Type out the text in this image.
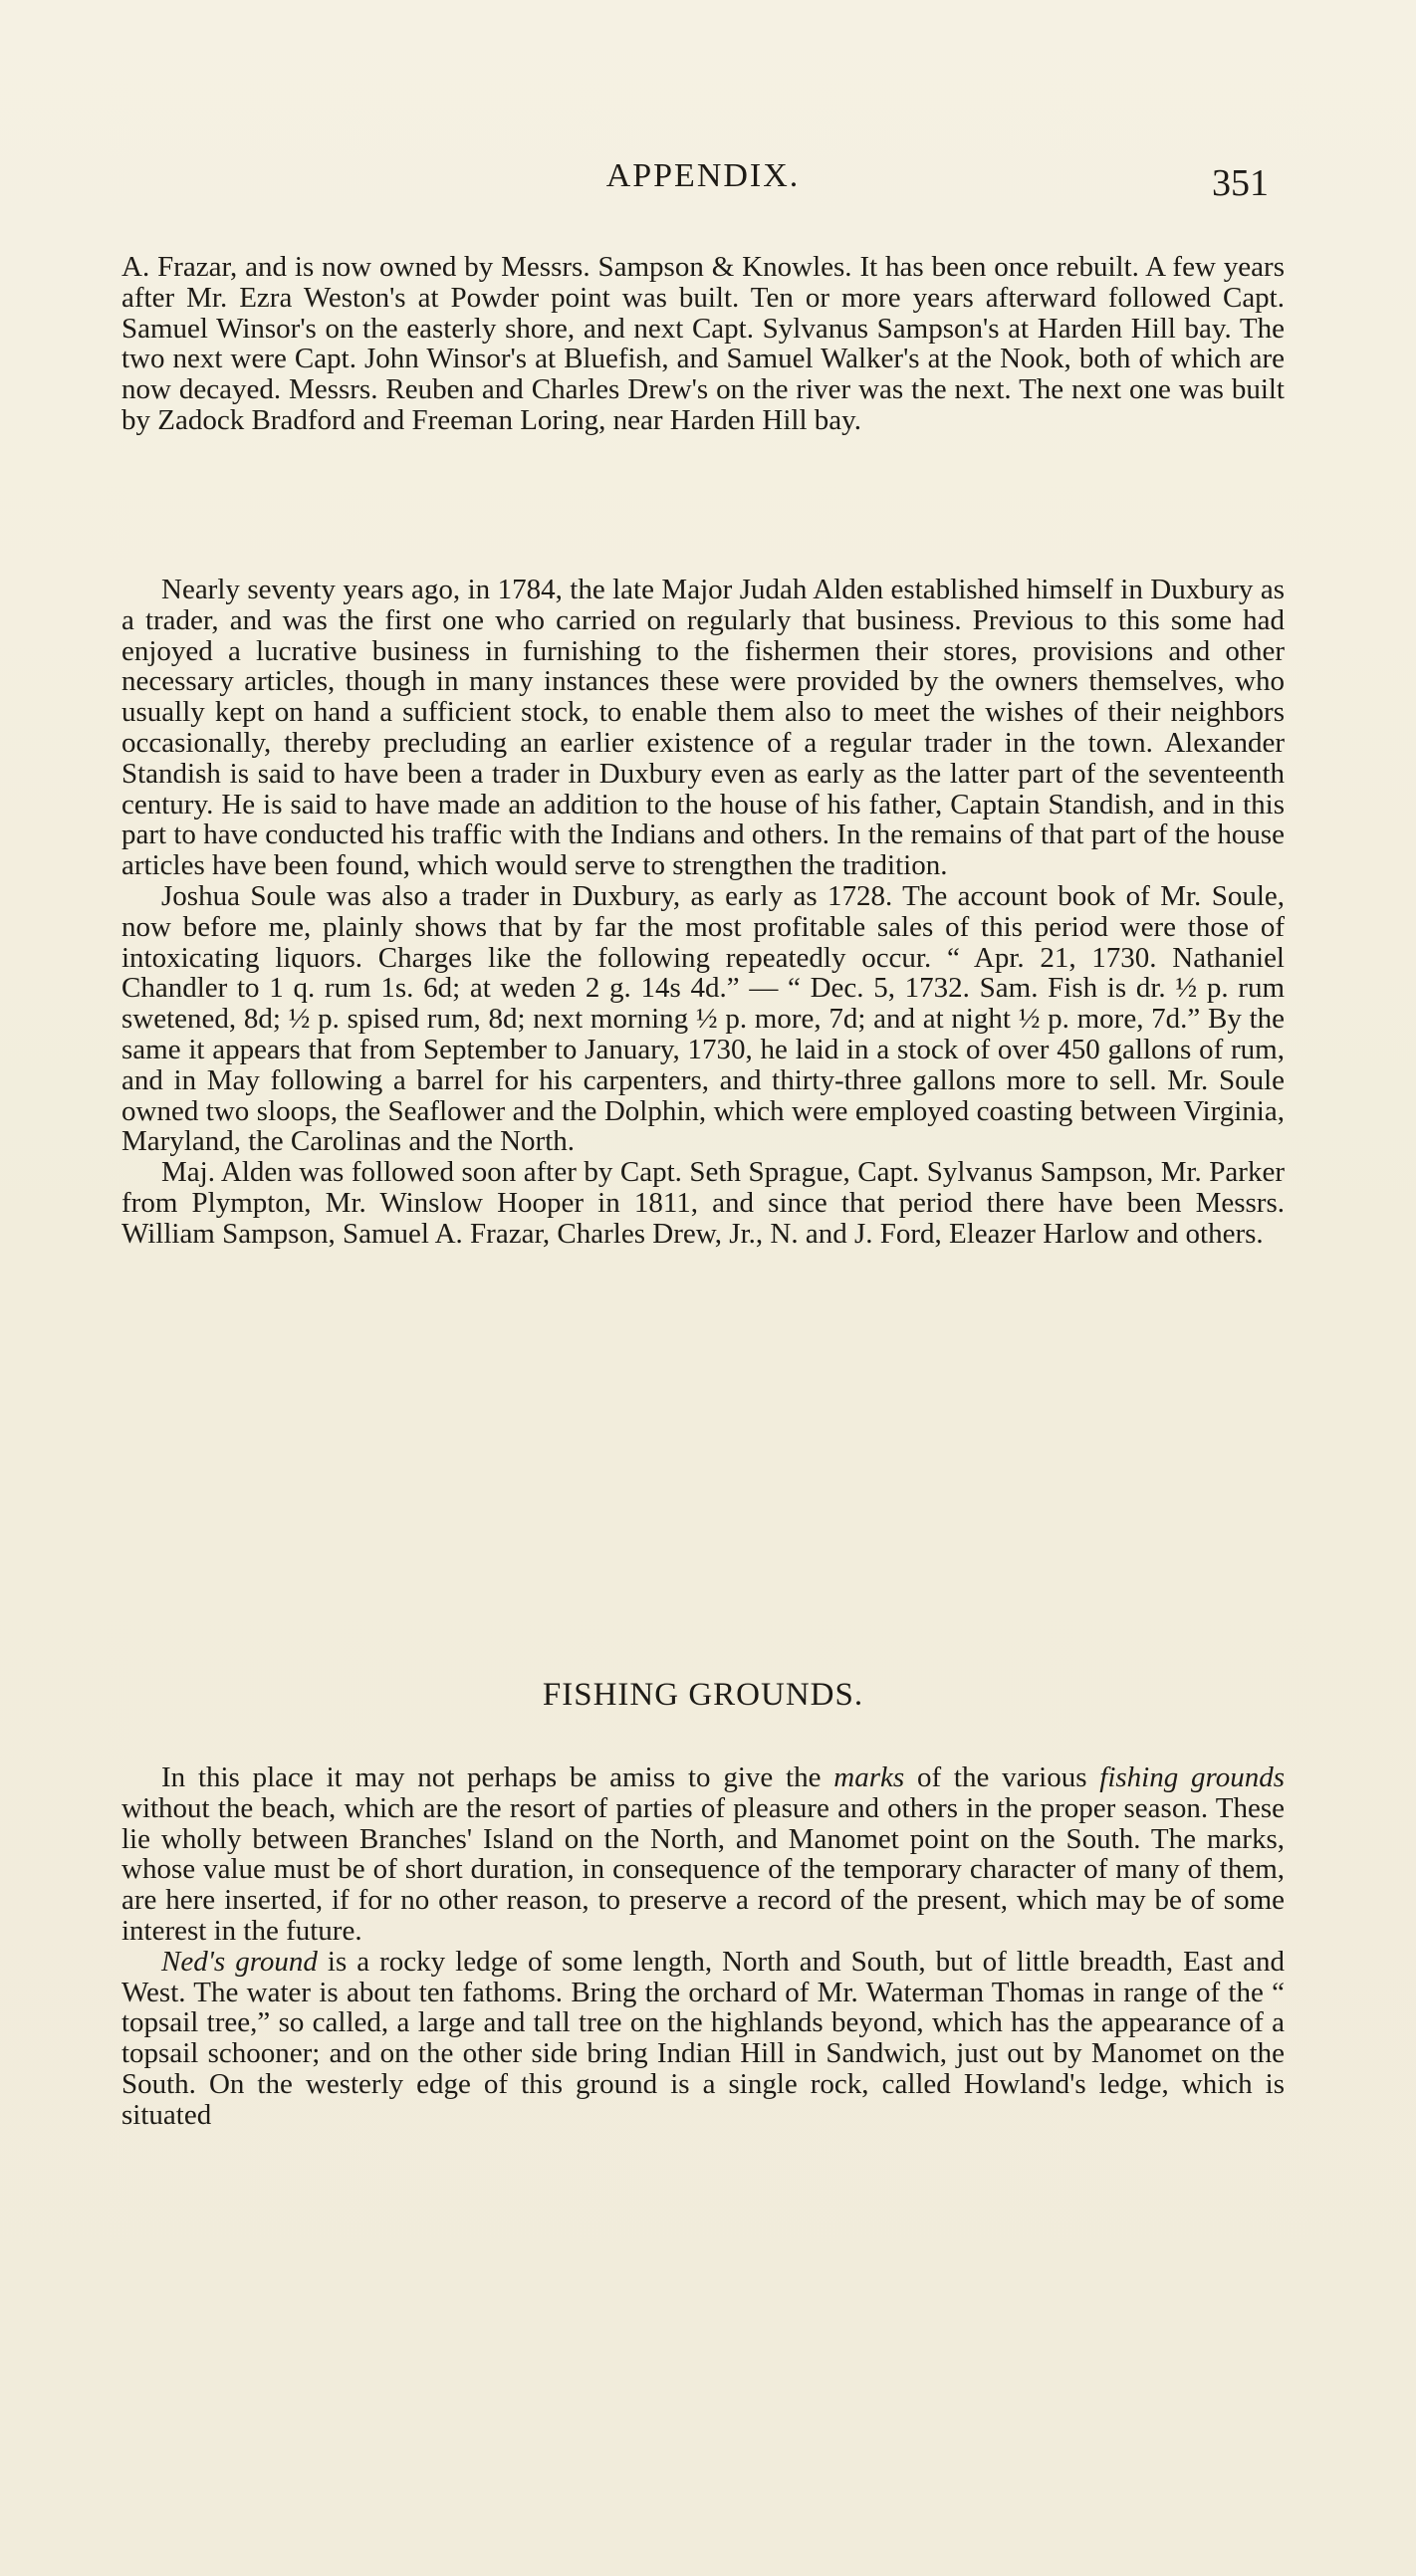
APPENDIX.	351

A. Frazar, and is now owned by Messrs. Sampson & Knowles. It has been once rebuilt. A few years after Mr. Ezra Weston's at Powder point was built. Ten or more years afterward followed Capt. Samuel Winsor's on the easterly shore, and next Capt. Sylvanus Sampson's at Harden Hill bay. The two next were Capt. John Winsor's at Bluefish, and Samuel Walker's at the Nook, both of which are now decayed. Messrs. Reuben and Charles Drew's on the river was the next. The next one was built by Zadock Bradford and Freeman Loring, near Harden Hill bay.

Nearly seventy years ago, in 1784, the late Major Judah Alden established himself in Duxbury as a trader, and was the first one who carried on regularly that business. Previous to this some had enjoyed a lucrative business in furnishing to the fishermen their stores, provisions and other necessary articles, though in many instances these were provided by the owners themselves, who usually kept on hand a sufficient stock, to enable them also to meet the wishes of their neighbors occasionally, thereby precluding an earlier existence of a regular trader in the town. Alexander Standish is said to have been a trader in Duxbury even as early as the latter part of the seventeenth century. He is said to have made an addition to the house of his father, Captain Standish, and in this part to have conducted his traffic with the Indians and others. In the remains of that part of the house articles have been found, which would serve to strengthen the tradition.

Joshua Soule was also a trader in Duxbury, as early as 1728. The account book of Mr. Soule, now before me, plainly shows that by far the most profitable sales of this period were those of intoxicating liquors. Charges like the following repeatedly occur. “ Apr. 21, 1730. Nathaniel Chandler to 1 q. rum 1s. 6d; at weden 2 g. 14s 4d.” — “ Dec. 5, 1732. Sam. Fish is dr. ½ p. rum swetened, 8d; ½ p. spised rum, 8d; next morning ½ p. more, 7d; and at night ½ p. more, 7d.” By the same it appears that from September to January, 1730, he laid in a stock of over 450 gallons of rum, and in May following a barrel for his carpenters, and thirty-three gallons more to sell. Mr. Soule owned two sloops, the Seaflower and the Dolphin, which were employed coasting between Virginia, Maryland, the Carolinas and the North.

Maj. Alden was followed soon after by Capt. Seth Sprague, Capt. Sylvanus Sampson, Mr. Parker from Plympton, Mr. Winslow Hooper in 1811, and since that period there have been Messrs. William Sampson, Samuel A. Frazar, Charles Drew, Jr., N. and J. Ford, Eleazer Harlow and others.

FISHING GROUNDS.

In this place it may not perhaps be amiss to give the marks of the various fishing grounds without the beach, which are the resort of parties of pleasure and others in the proper season. These lie wholly between Branches' Island on the North, and Manomet point on the South. The marks, whose value must be of short duration, in consequence of the temporary character of many of them, are here inserted, if for no other reason, to preserve a record of the present, which may be of some interest in the future.

Ned's ground is a rocky ledge of some length, North and South, but of little breadth, East and West. The water is about ten fathoms. Bring the orchard of Mr. Waterman Thomas in range of the “ topsail tree,” so called, a large and tall tree on the highlands beyond, which has the appearance of a topsail schooner; and on the other side bring Indian Hill in Sandwich, just out by Manomet on the South. On the westerly edge of this ground is a single rock, called Howland's ledge, which is situated
